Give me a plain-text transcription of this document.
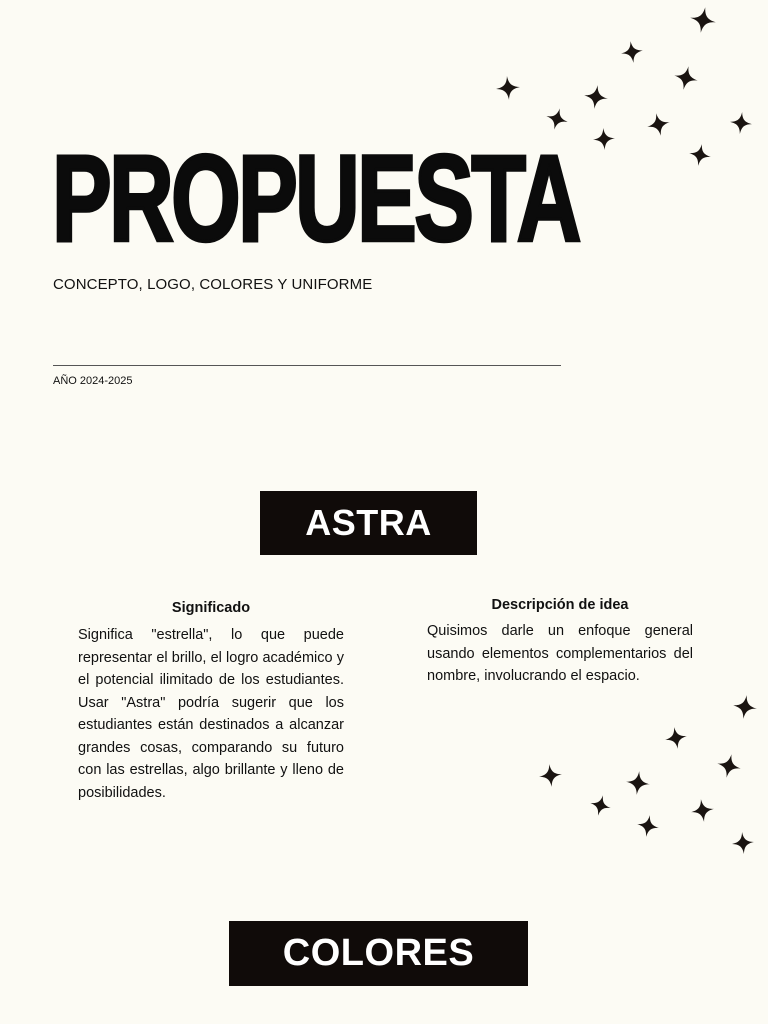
PROPUESTA
CONCEPTO, LOGO, COLORES Y UNIFORME
AÑO 2024-2025
ASTRA
Significado
Significa "estrella", lo que puede representar el brillo, el logro académico y el potencial ilimitado de los estudiantes. Usar "Astra" podría sugerir que los estudiantes están destinados a alcanzar grandes cosas, comparando su futuro con las estrellas, algo brillante y lleno de posibilidades.
Descripción de idea
Quisimos darle un enfoque general usando elementos complementarios del nombre, involucrando el espacio.
COLORES
